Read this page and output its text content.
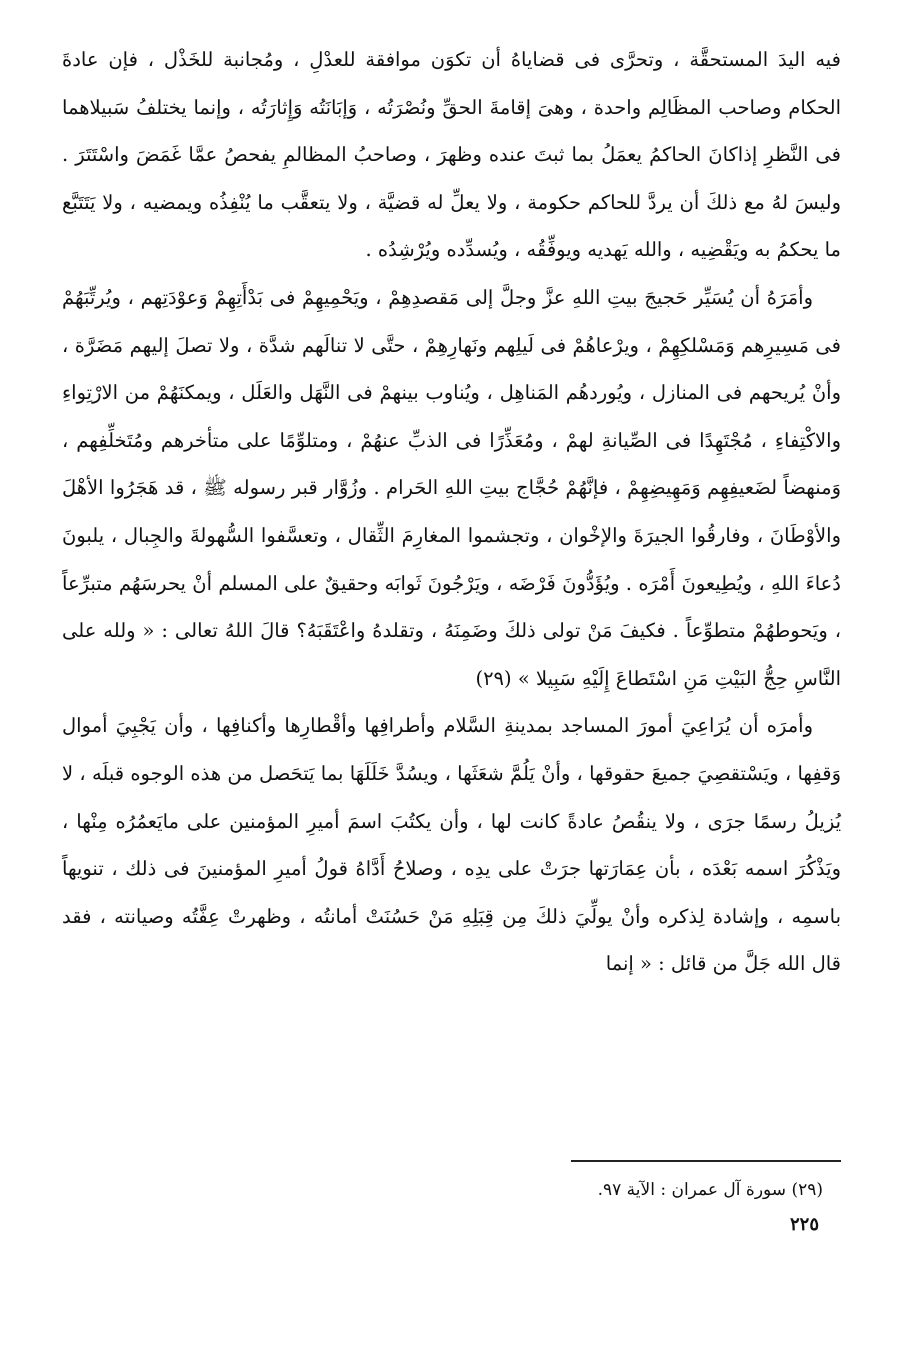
فيه اليدَ المستحقَّة ، وتحرَّى فى قضاياهُ أن تكوَن موافقة للعدْلِ ، ومُجانبة للخَذْل ، فإن عادةَ الحكام وصاحب المظَالِم واحدة ، وهىَ إقامةَ الحقِّ ونُصْرَتُه ، وَإبَانَتُه وَإِثارَتُه ، وإنما يختلفُ سَبيلاهما فى النَّظرِ إذاكانَ الحاكمُ يعمَلُ بما ثبتَ عنده وظهرَ ، وصاحبُ المظالمِ يفحصُ عمَّا غَمَضَ واسْتَتَرَ . وليسَ لهُ مع ذلكَ أن يردَّ للحاكم حكومة ، ولا يعلِّ له قضيَّة ، ولا يتعقَّب ما يُنْفِذُه ويمضيه ، ولا يَتَتَبَّع ما يحكمُ به ويَقْضِيه ، والله يَهديه ويوفِّقُه ، ويُسدِّده ويُرْشِدُه .

وأمَرَهُ أن يُسَيِّر حَجيجَ بيتِ اللهِ عزَّ وجلَّ إلى مَقصدِهِمْ ، ويَحْمِيهِمْ فى بَدْأَتِهِمْ وَعوْدَتِهم ، ويُرتِّبَهُمْ فى مَسِيرِهم وَمَسْلكِهِمْ ، ويرْعاهُمْ فى لَيلِهم ونَهارِهِمْ ، حتَّى لا تنالَهم شدَّة ، ولا تصلَ إليهم مَضَرَّة ، وأنْ يُريحهم فى المنازل ، ويُوردهُم المَناهِل ، ويُناوب بينهمْ فى النَّهَل والعَلَل ، ويمكنَهُمْ من الارْتِواءِ والاكْتِفاءِ ، مُجْتَهِدًا فى الصِّيانةِ لهمْ ، ومُعَذِّرًا فى الذبِّ عنهُمْ ، ومتلوِّمًا على متأخرهم ومُتَخلِّفِهم ، وَمنهضاً لضَعيفِهِم وَمَهِيضِهِمْ ، فإنَّهُمْ حُجَّاج بيتِ اللهِ الحَرام . وزُوَّار قبر رسوله ﷺ ، قد هَجَرُوا الأهْلَ والأوْطَانَ ، وفارقُوا الجيرَةَ والإخْوان ، وتجشموا المغارِمَ الثِّقال ، وتعسَّفوا السُّهولةَ والجِبال ، يلبونَ دُعاءَ اللهِ ، ويُطِيعونَ أَمْرَه . ويُؤَدُّونَ فَرْضَه ، ويَرْجُونَ ثَوابَه وحقيقٌ على المسلم أنْ يحرسَهُم متبرِّعاً ، ويَحوطهُمْ متطوِّعاً . فكيفَ مَنْ تولى ذلكَ وضَمِنَهُ ، وتقلدهُ واعْتَقَبَهُ؟ قالَ اللهُ تعالى : « ولله على النَّاسِ حِجُّ البَيْتِ مَنِ اسْتَطاعَ إِلَيْهِ سَبِيلا » (٢٩)

وأمرَه أن يُرَاعِيَ أمورَ المساجد بمدينةِ السَّلام وأطرافِها وأقْطارِها وأكنافِها ، وأن يَجْبِيَ أموال وَقفِها ، ويَسْتقصِيَ جميعَ حقوقها ، وأنْ يَلُمَّ شعَثَها ، ويسُدَّ خَلَلَهَا بما يَتحَصل من هذه الوجوه قبلَه ، لا يُزيلُ رسمًا جرَى ، ولا ينقُصُ عادةً كانت لها ، وأن يكتُبَ اسمَ أميرِ المؤمنين على مايَعمُرُه مِنْها ، ويَذْكُرَ اسمه بَعْدَه ، بأن عِمَارَتها جرَتْ على يدِه ، وصلاحُ أَدَّاهُ قولُ أميرِ المؤمنينَ فى ذلك ، تنويهاً باسمِه ، وإشادة لِذكره وأنْ يولِّيَ ذلكَ مِن قِبَلِهِ مَنْ حَسُنَتْ أمانتُه ، وظهرتْ عِفَّتُه وصيانته ، فقد قال الله جَلَّ من قائل : « إنما

(٢٩) سورة آل عمران : الآية ٩٧.
٢٢٥
